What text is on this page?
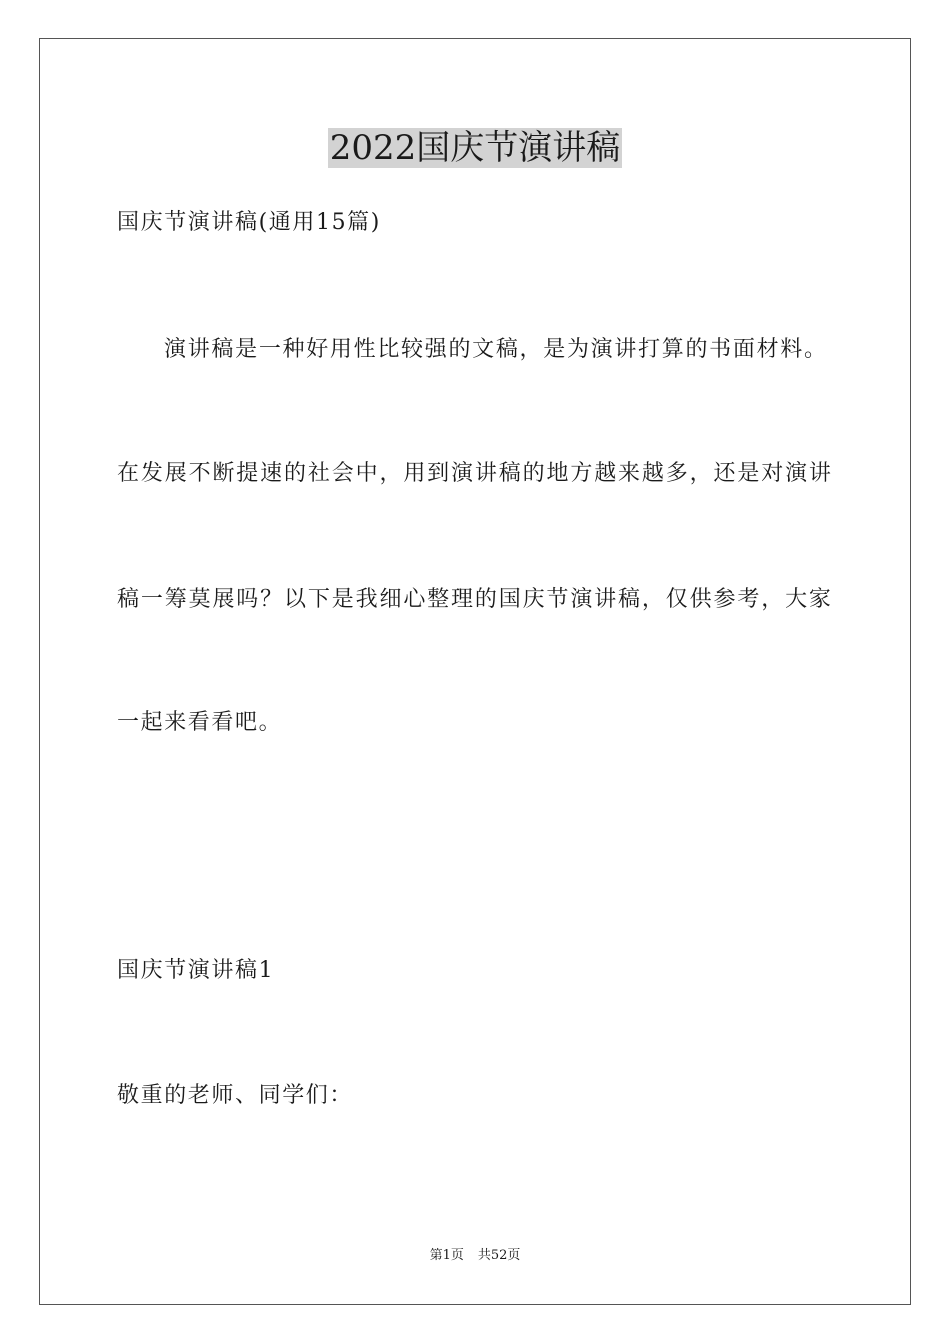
2022国庆节演讲稿
国庆节演讲稿(通用15篇)
演 讲 稿 是 一 种 好 用 性 比 较 强 的 文 稿 ， 是 为 演 讲 打 算 的 书 面 材 料 。
在 发 展 不 断 提 速 的 社 会 中 ， 用 到 演 讲 稿 的 地 方 越 来 越 多 ， 还 是 对 演 讲
稿 一 筹 莫 展 吗 ？ 以 下 是 我 细 心 整 理 的 国 庆 节 演 讲 稿 ， 仅 供 参 考 ， 大 家
一起来看看吧。
国庆节演讲稿1
敬重的老师、同学们：
第1页 共52页
